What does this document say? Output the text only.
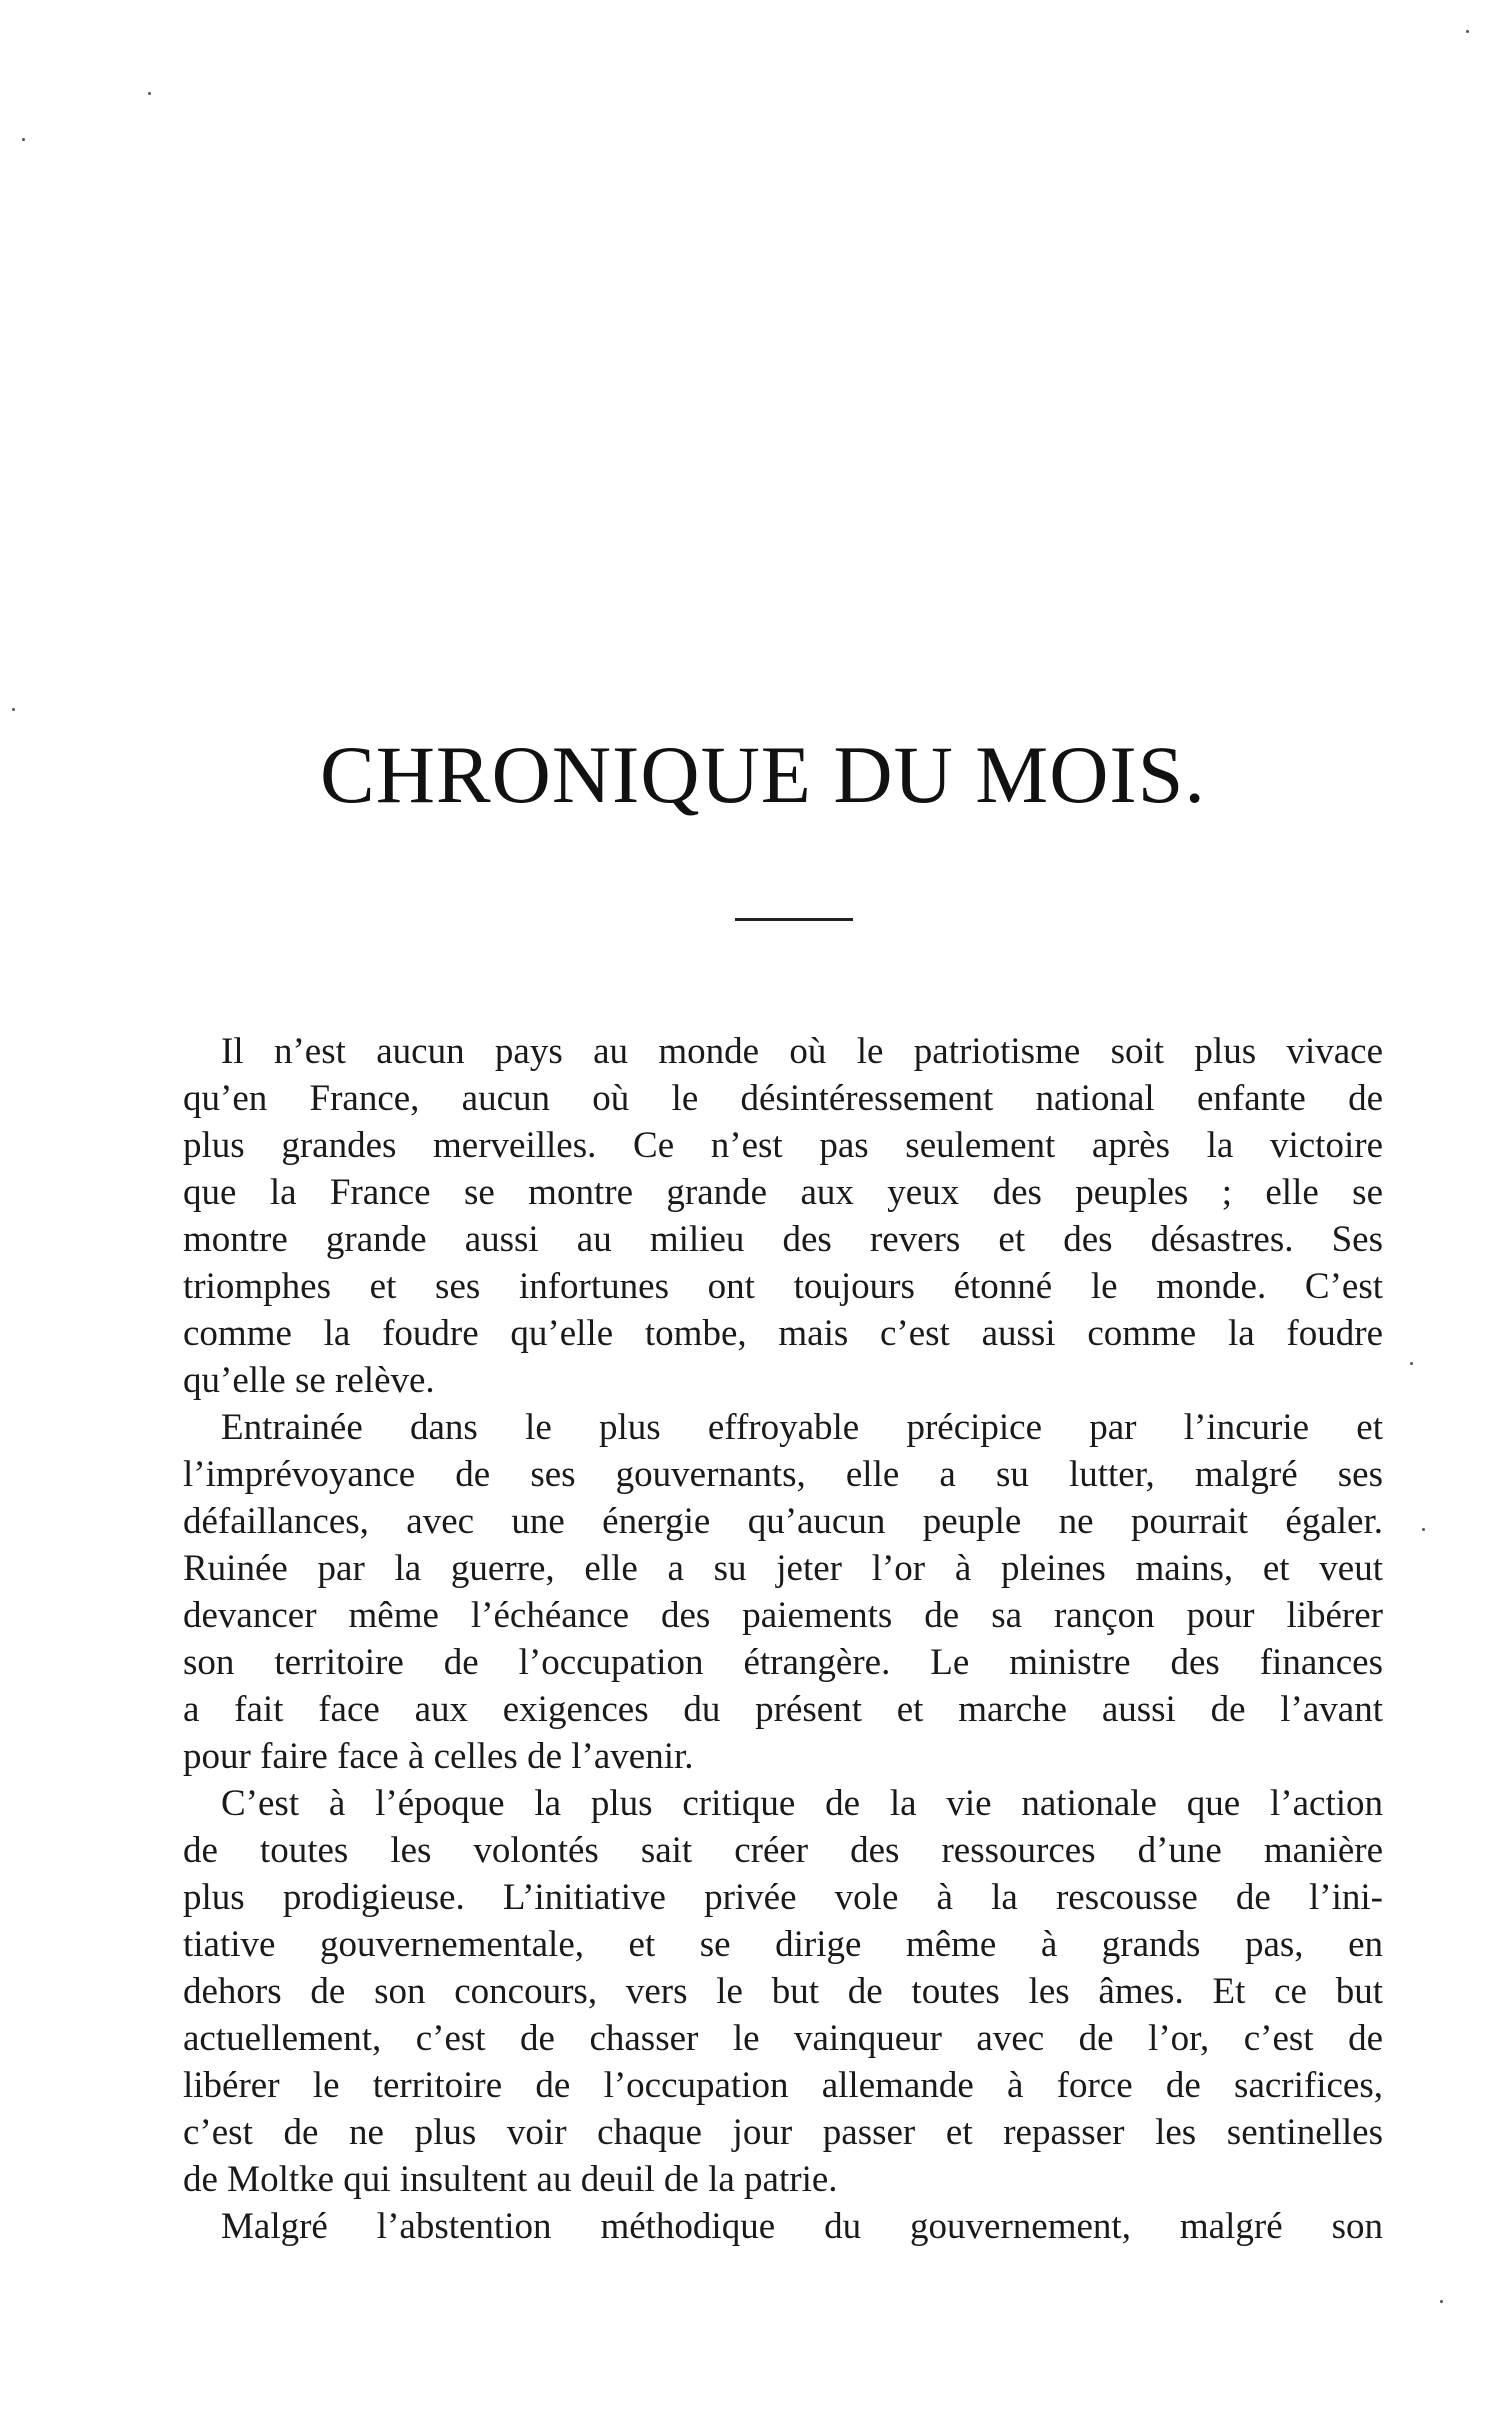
CHRONIQUE DU MOIS.
Il n’est aucun pays au monde où le patriotisme soit plus vivace
qu’en France, aucun où le désintéressement national enfante de
plus grandes merveilles. Ce n’est pas seulement après la victoire
que la France se montre grande aux yeux des peuples ; elle se
montre grande aussi au milieu des revers et des désastres. Ses
triomphes et ses infortunes ont toujours étonné le monde. C’est
comme la foudre qu’elle tombe, mais c’est aussi comme la foudre
qu’elle se relève.
Entrainée dans le plus effroyable précipice par l’incurie et
l’imprévoyance de ses gouvernants, elle a su lutter, malgré ses
défaillances, avec une énergie qu’aucun peuple ne pourrait égaler.
Ruinée par la guerre, elle a su jeter l’or à pleines mains, et veut
devancer même l’échéance des paiements de sa rançon pour libérer
son territoire de l’occupation étrangère. Le ministre des finances
a fait face aux exigences du présent et marche aussi de l’avant
pour faire face à celles de l’avenir.
C’est à l’époque la plus critique de la vie nationale que l’action
de toutes les volontés sait créer des ressources d’une manière
plus prodigieuse. L’initiative privée vole à la rescousse de l’ini-
tiative gouvernementale, et se dirige même à grands pas, en
dehors de son concours, vers le but de toutes les âmes. Et ce but
actuellement, c’est de chasser le vainqueur avec de l’or, c’est de
libérer le territoire de l’occupation allemande à force de sacrifices,
c’est de ne plus voir chaque jour passer et repasser les sentinelles
de Moltke qui insultent au deuil de la patrie.
Malgré l’abstention méthodique du gouvernement, malgré son
